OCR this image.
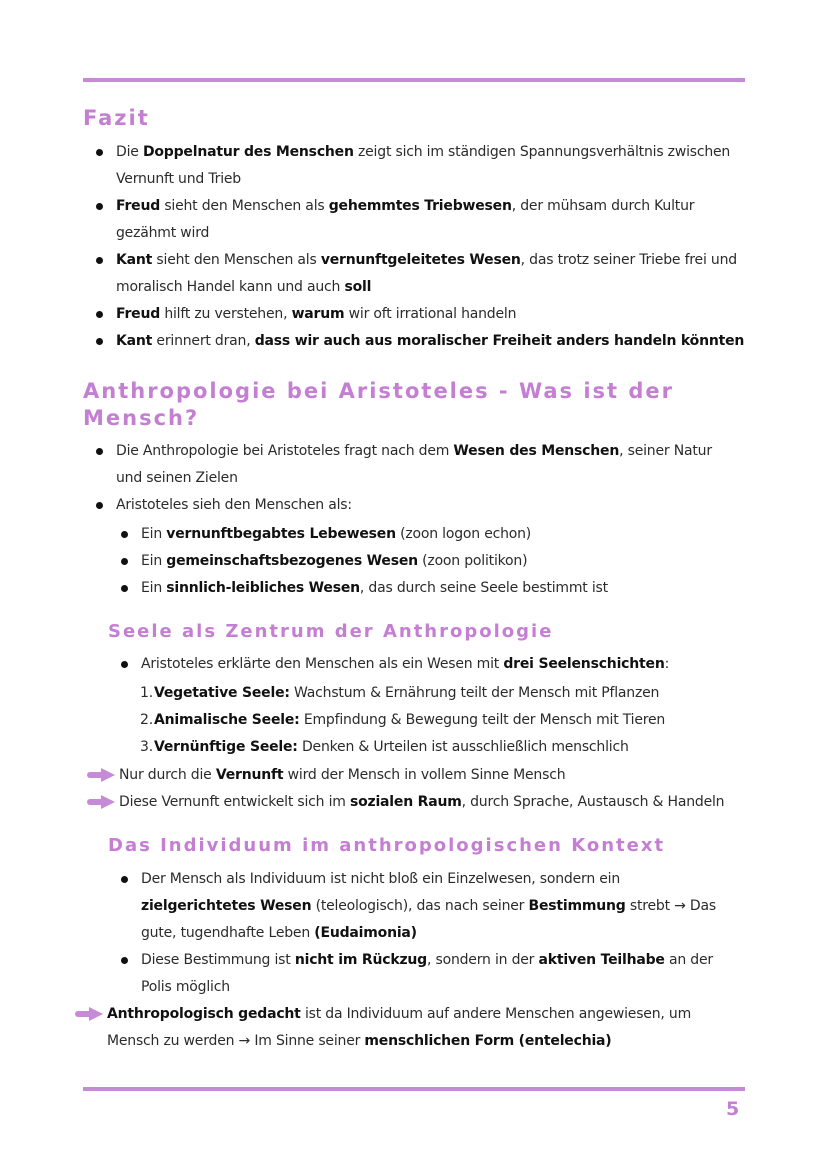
Fazit
Die Doppelnatur des Menschen zeigt sich im ständigen Spannungsverhältnis zwischen
Vernunft und Trieb
Freud sieht den Menschen als gehemmtes Triebwesen, der mühsam durch Kultur
gezähmt wird
Kant sieht den Menschen als vernunftgeleitetes Wesen, das trotz seiner Triebe frei und
moralisch Handel kann und auch soll
Freud hilft zu verstehen, warum wir oft irrational handeln
Kant erinnert dran, dass wir auch aus moralischer Freiheit anders handeln könnten
Anthropologie bei Aristoteles - Was ist der
Mensch?
Die Anthropologie bei Aristoteles fragt nach dem Wesen des Menschen, seiner Natur
und seinen Zielen
Aristoteles sieh den Menschen als:
Ein vernunftbegabtes Lebewesen (zoon logon echon)
Ein gemeinschaftsbezogenes Wesen (zoon politikon)
Ein sinnlich-leibliches Wesen, das durch seine Seele bestimmt ist
Seele als Zentrum der Anthropologie
Aristoteles erklärte den Menschen als ein Wesen mit drei Seelenschichten:
1.Vegetative Seele: Wachstum & Ernährung teilt der Mensch mit Pflanzen
2.Animalische Seele: Empfindung & Bewegung teilt der Mensch mit Tieren
3.Vernünftige Seele: Denken & Urteilen ist ausschließlich menschlich
Nur durch die Vernunft wird der Mensch in vollem Sinne Mensch
Diese Vernunft entwickelt sich im sozialen Raum, durch Sprache, Austausch & Handeln
Das Individuum im anthropologischen Kontext
Der Mensch als Individuum ist nicht bloß ein Einzelwesen, sondern ein
zielgerichtetes Wesen (teleologisch), das nach seiner Bestimmung strebt → Das
gute, tugendhafte Leben (Eudaimonia)
Diese Bestimmung ist nicht im Rückzug, sondern in der aktiven Teilhabe an der
Polis möglich
Anthropologisch gedacht ist da Individuum auf andere Menschen angewiesen, um
Mensch zu werden → Im Sinne seiner menschlichen Form (entelechia)
5
